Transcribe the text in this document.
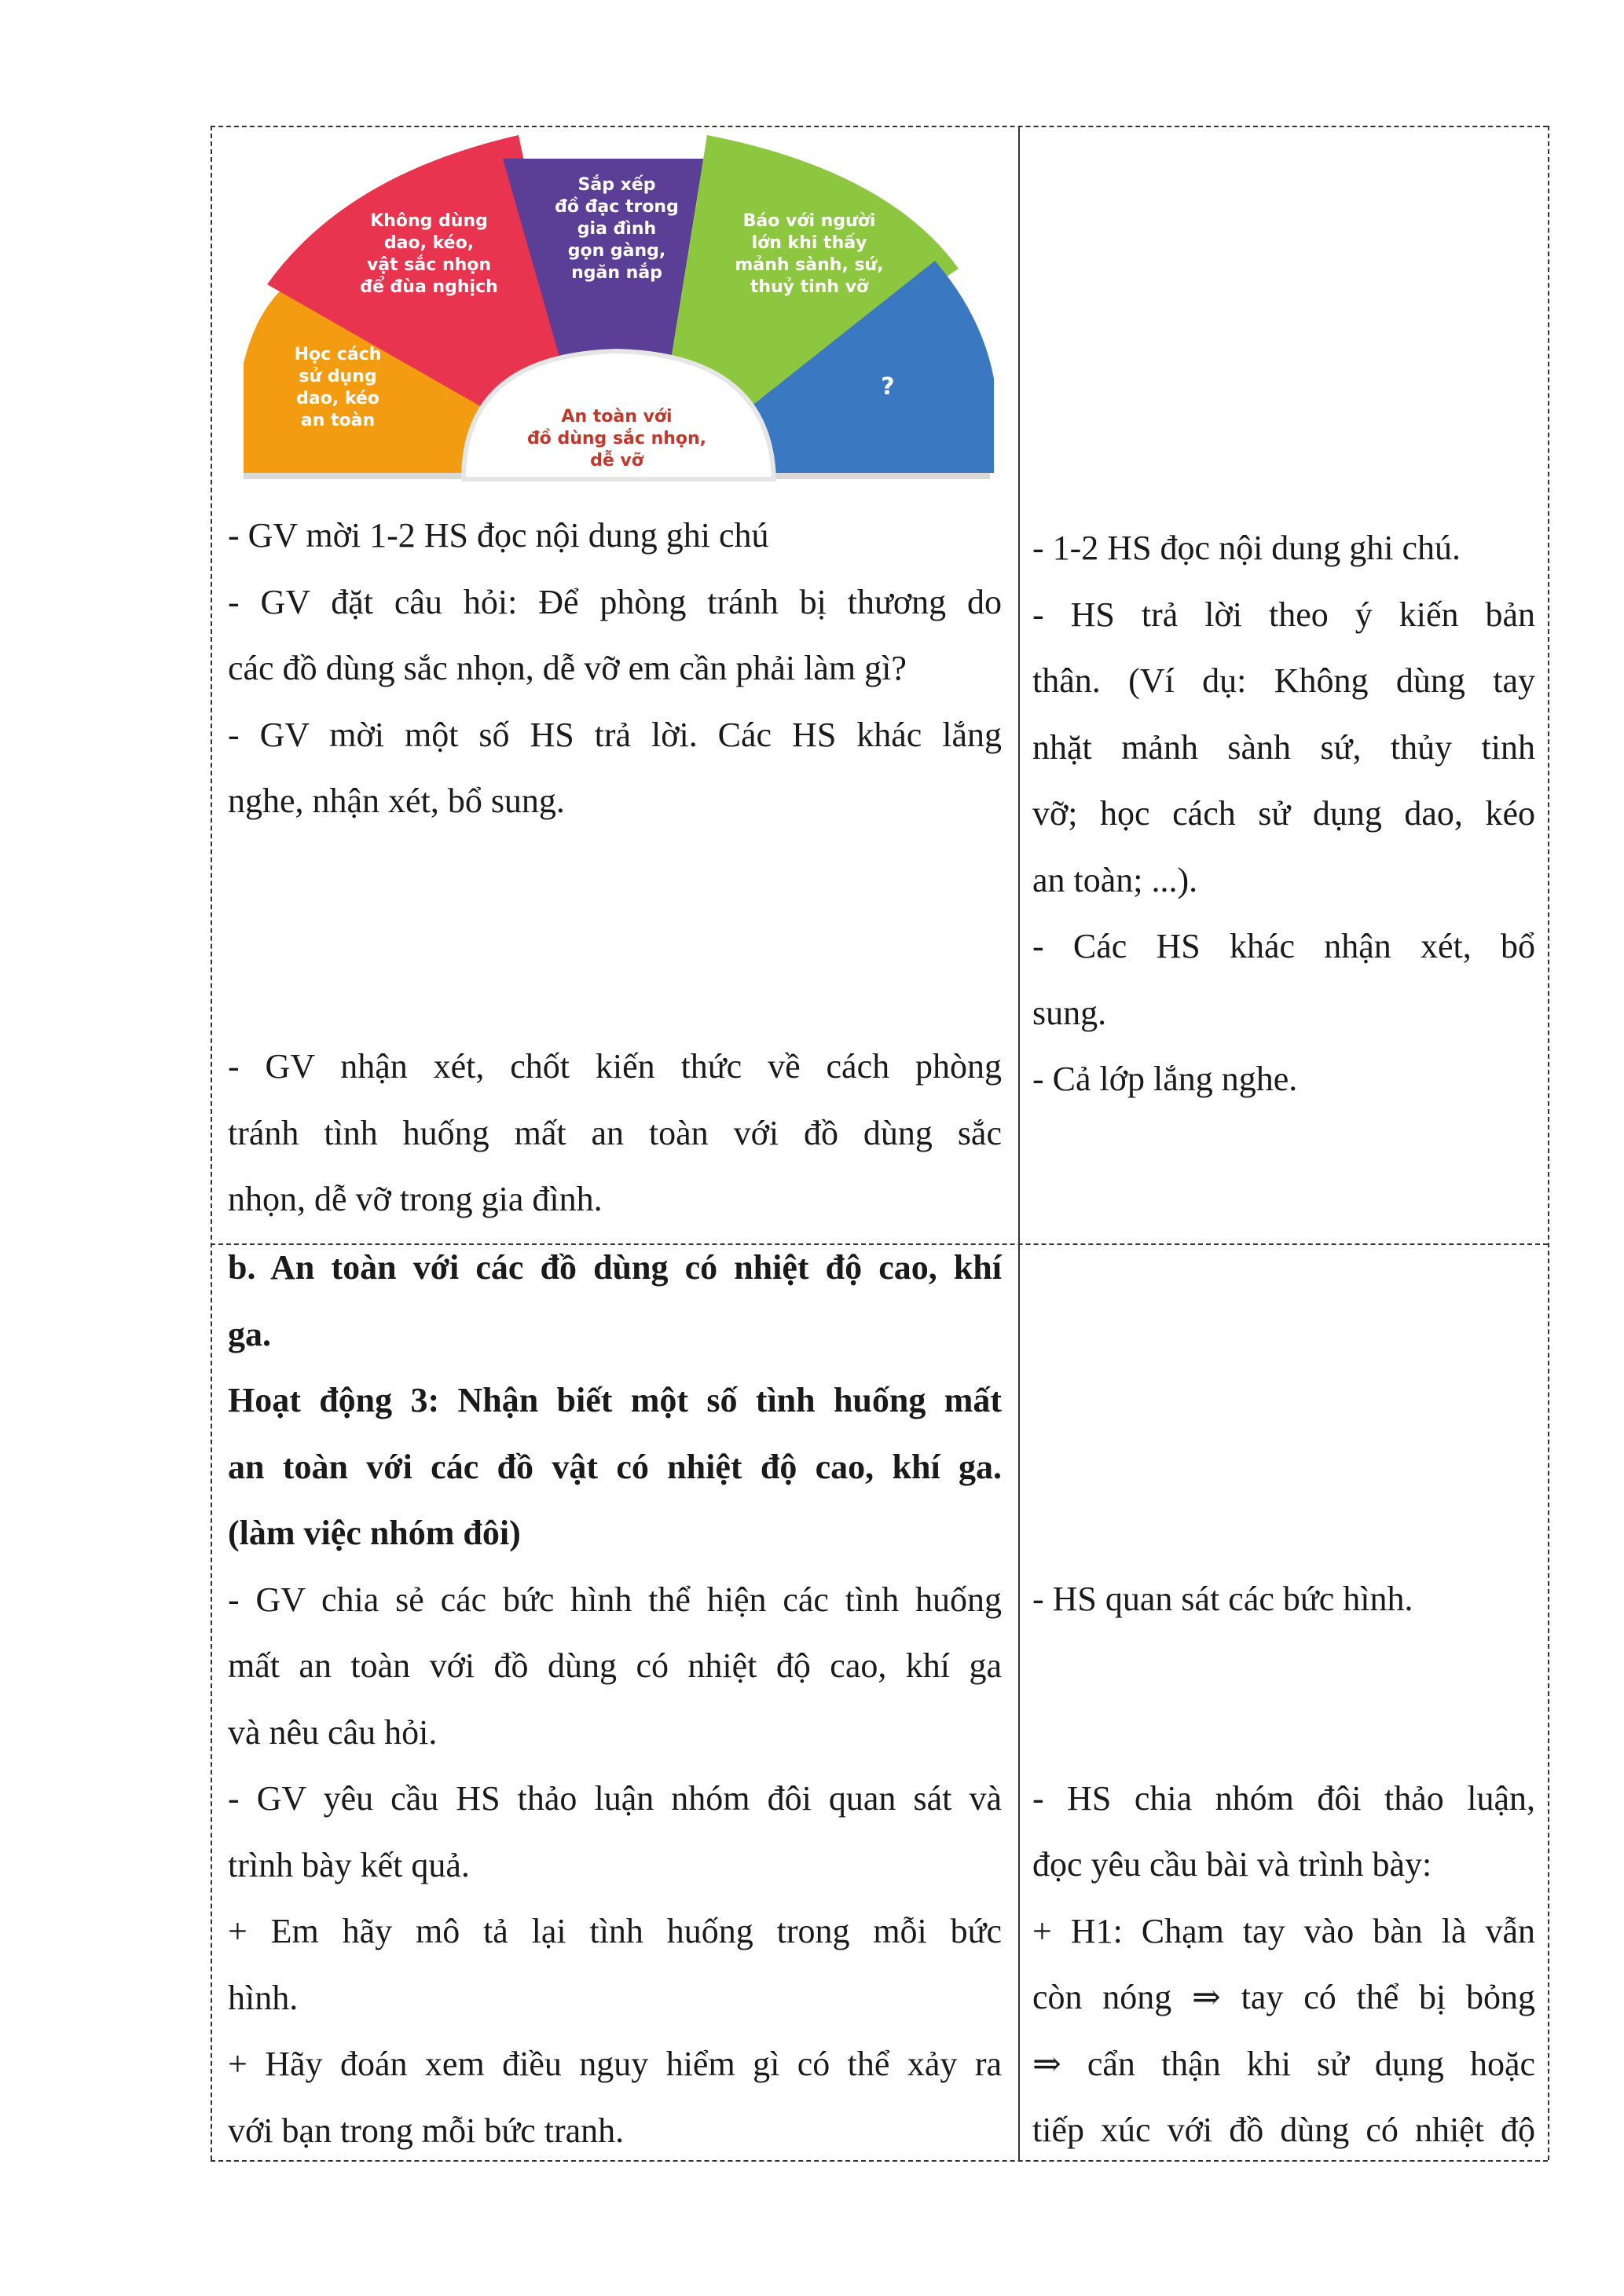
Học cách sử dụng dao, kéo an toàn
Không dùng dao, kéo, vật sắc nhọn để đùa nghịch
Sắp xếp đồ đạc trong gia đình gọn gàng, ngăn nắp
Báo với người lớn khi thấy mảnh sành, sứ, thuỷ tinh vỡ
?
An toàn với đồ dùng sắc nhọn, dễ vỡ

- GV mời 1-2 HS đọc nội dung ghi chú

- GV đặt câu hỏi: Để phòng tránh bị thương do

các đồ dùng sắc nhọn, dễ vỡ em cần phải làm gì?

- GV mời một số HS trả lời. Các HS khác lắng

nghe, nhận xét, bổ sung.

- GV nhận xét, chốt kiến thức về cách phòng

tránh tình huống mất an toàn với đồ dùng sắc

nhọn, dễ vỡ trong gia đình.

- 1-2 HS đọc nội dung ghi chú.

- HS trả lời theo ý kiến bản

thân. (Ví dụ: Không dùng tay

nhặt mảnh sành sứ, thủy tinh

vỡ; học cách sử dụng dao, kéo

an toàn; ...).

- Các HS khác nhận xét, bổ

sung.

- Cả lớp lắng nghe.

b. An toàn với các đồ dùng có nhiệt độ cao, khí

ga.

Hoạt động 3: Nhận biết một số tình huống mất

an toàn với các đồ vật có nhiệt độ cao, khí ga.

(làm việc nhóm đôi)

- GV chia sẻ các bức hình thể hiện các tình huống

mất an toàn với đồ dùng có nhiệt độ cao, khí ga

và nêu câu hỏi.

- GV yêu cầu HS thảo luận nhóm đôi quan sát và

trình bày kết quả.

+ Em hãy mô tả lại tình huống trong mỗi bức

hình.

+ Hãy đoán xem điều nguy hiểm gì có thể xảy ra

với bạn trong mỗi bức tranh.

- HS quan sát các bức hình.

- HS chia nhóm đôi thảo luận,

đọc yêu cầu bài và trình bày:

+ H1: Chạm tay vào bàn là vẫn

còn nóng ⇒ tay có thể bị bỏng

⇒ cẩn thận khi sử dụng hoặc

tiếp xúc với đồ dùng có nhiệt độ
